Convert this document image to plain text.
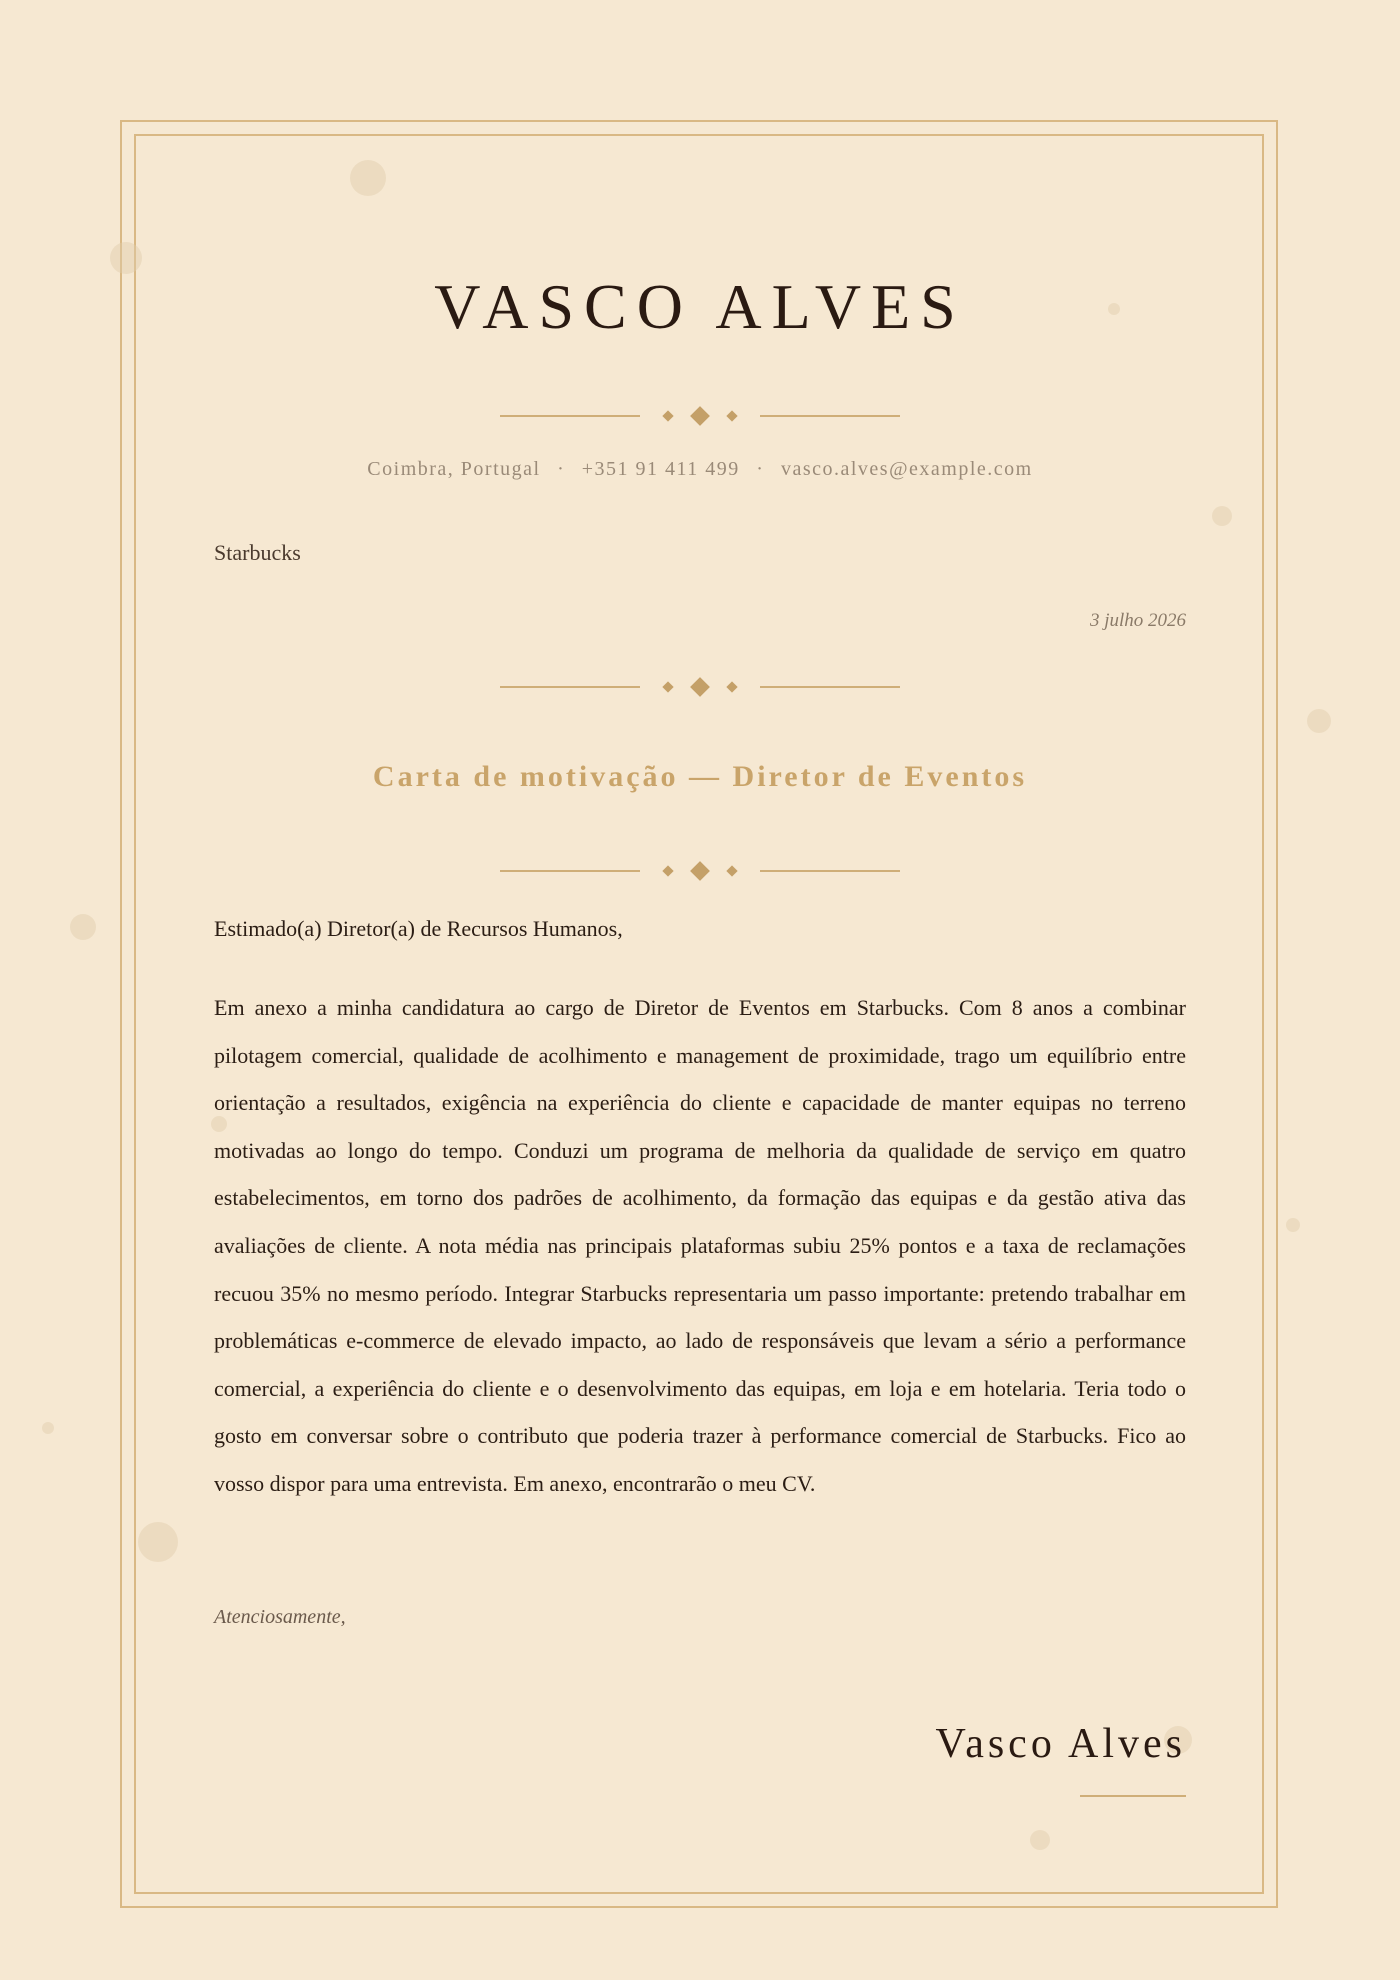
VASCO ALVES
Coimbra, Portugal · +351 91 411 499 · vasco.alves@example.com
Starbucks
3 julho 2026
Carta de motivação — Diretor de Eventos
Estimado(a) Diretor(a) de Recursos Humanos,

Em anexo a minha candidatura ao cargo de Diretor de Eventos em Starbucks. Com 8 anos a combinar pilotagem comercial, qualidade de acolhimento e management de proximidade, trago um equilíbrio entre orientação a resultados, exigência na experiência do cliente e capacidade de manter equipas no terreno motivadas ao longo do tempo. Conduzi um programa de melhoria da qualidade de serviço em quatro estabelecimentos, em torno dos padrões de acolhimento, da formação das equipas e da gestão ativa das avaliações de cliente. A nota média nas principais plataformas subiu 25% pontos e a taxa de reclamações recuou 35% no mesmo período. Integrar Starbucks representaria um passo importante: pretendo trabalhar em problemáticas e-commerce de elevado impacto, ao lado de responsáveis que levam a sério a performance comercial, a experiência do cliente e o desenvolvimento das equipas, em loja e em hotelaria. Teria todo o gosto em conversar sobre o contributo que poderia trazer à performance comercial de Starbucks. Fico ao vosso dispor para uma entrevista. Em anexo, encontrarão o meu CV.

Atenciosamente,
Vasco Alves
